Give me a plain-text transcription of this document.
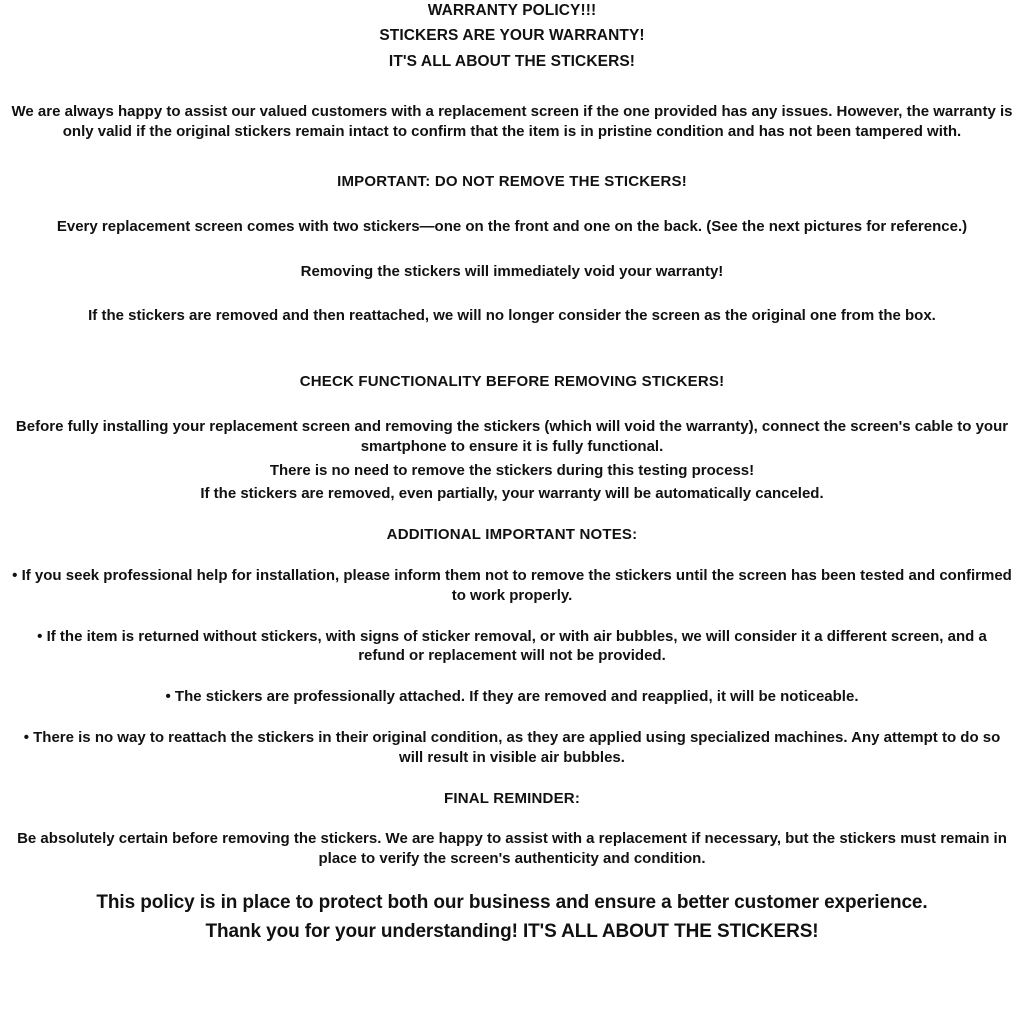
WARRANTY POLICY!!!
STICKERS ARE YOUR WARRANTY!
IT'S ALL ABOUT THE STICKERS!
We are always happy to assist our valued customers with a replacement screen if the one provided has any issues. However, the warranty is only valid if the original stickers remain intact to confirm that the item is in pristine condition and has not been tampered with.
IMPORTANT: DO NOT REMOVE THE STICKERS!
Every replacement screen comes with two stickers—one on the front and one on the back. (See the next pictures for reference.)
Removing the stickers will immediately void your warranty!
If the stickers are removed and then reattached, we will no longer consider the screen as the original one from the box.
CHECK FUNCTIONALITY BEFORE REMOVING STICKERS!
Before fully installing your replacement screen and removing the stickers (which will void the warranty), connect the screen's cable to your smartphone to ensure it is fully functional.
There is no need to remove the stickers during this testing process!
If the stickers are removed, even partially, your warranty will be automatically canceled.
ADDITIONAL IMPORTANT NOTES:
• If you seek professional help for installation, please inform them not to remove the stickers until the screen has been tested and confirmed to work properly.
• If the item is returned without stickers, with signs of sticker removal, or with air bubbles, we will consider it a different screen, and a refund or replacement will not be provided.
• The stickers are professionally attached. If they are removed and reapplied, it will be noticeable.
• There is no way to reattach the stickers in their original condition, as they are applied using specialized machines. Any attempt to do so will result in visible air bubbles.
FINAL REMINDER:
Be absolutely certain before removing the stickers. We are happy to assist with a replacement if necessary, but the stickers must remain in place to verify the screen's authenticity and condition.
This policy is in place to protect both our business and ensure a better customer experience.
Thank you for your understanding! IT'S ALL ABOUT THE STICKERS!
